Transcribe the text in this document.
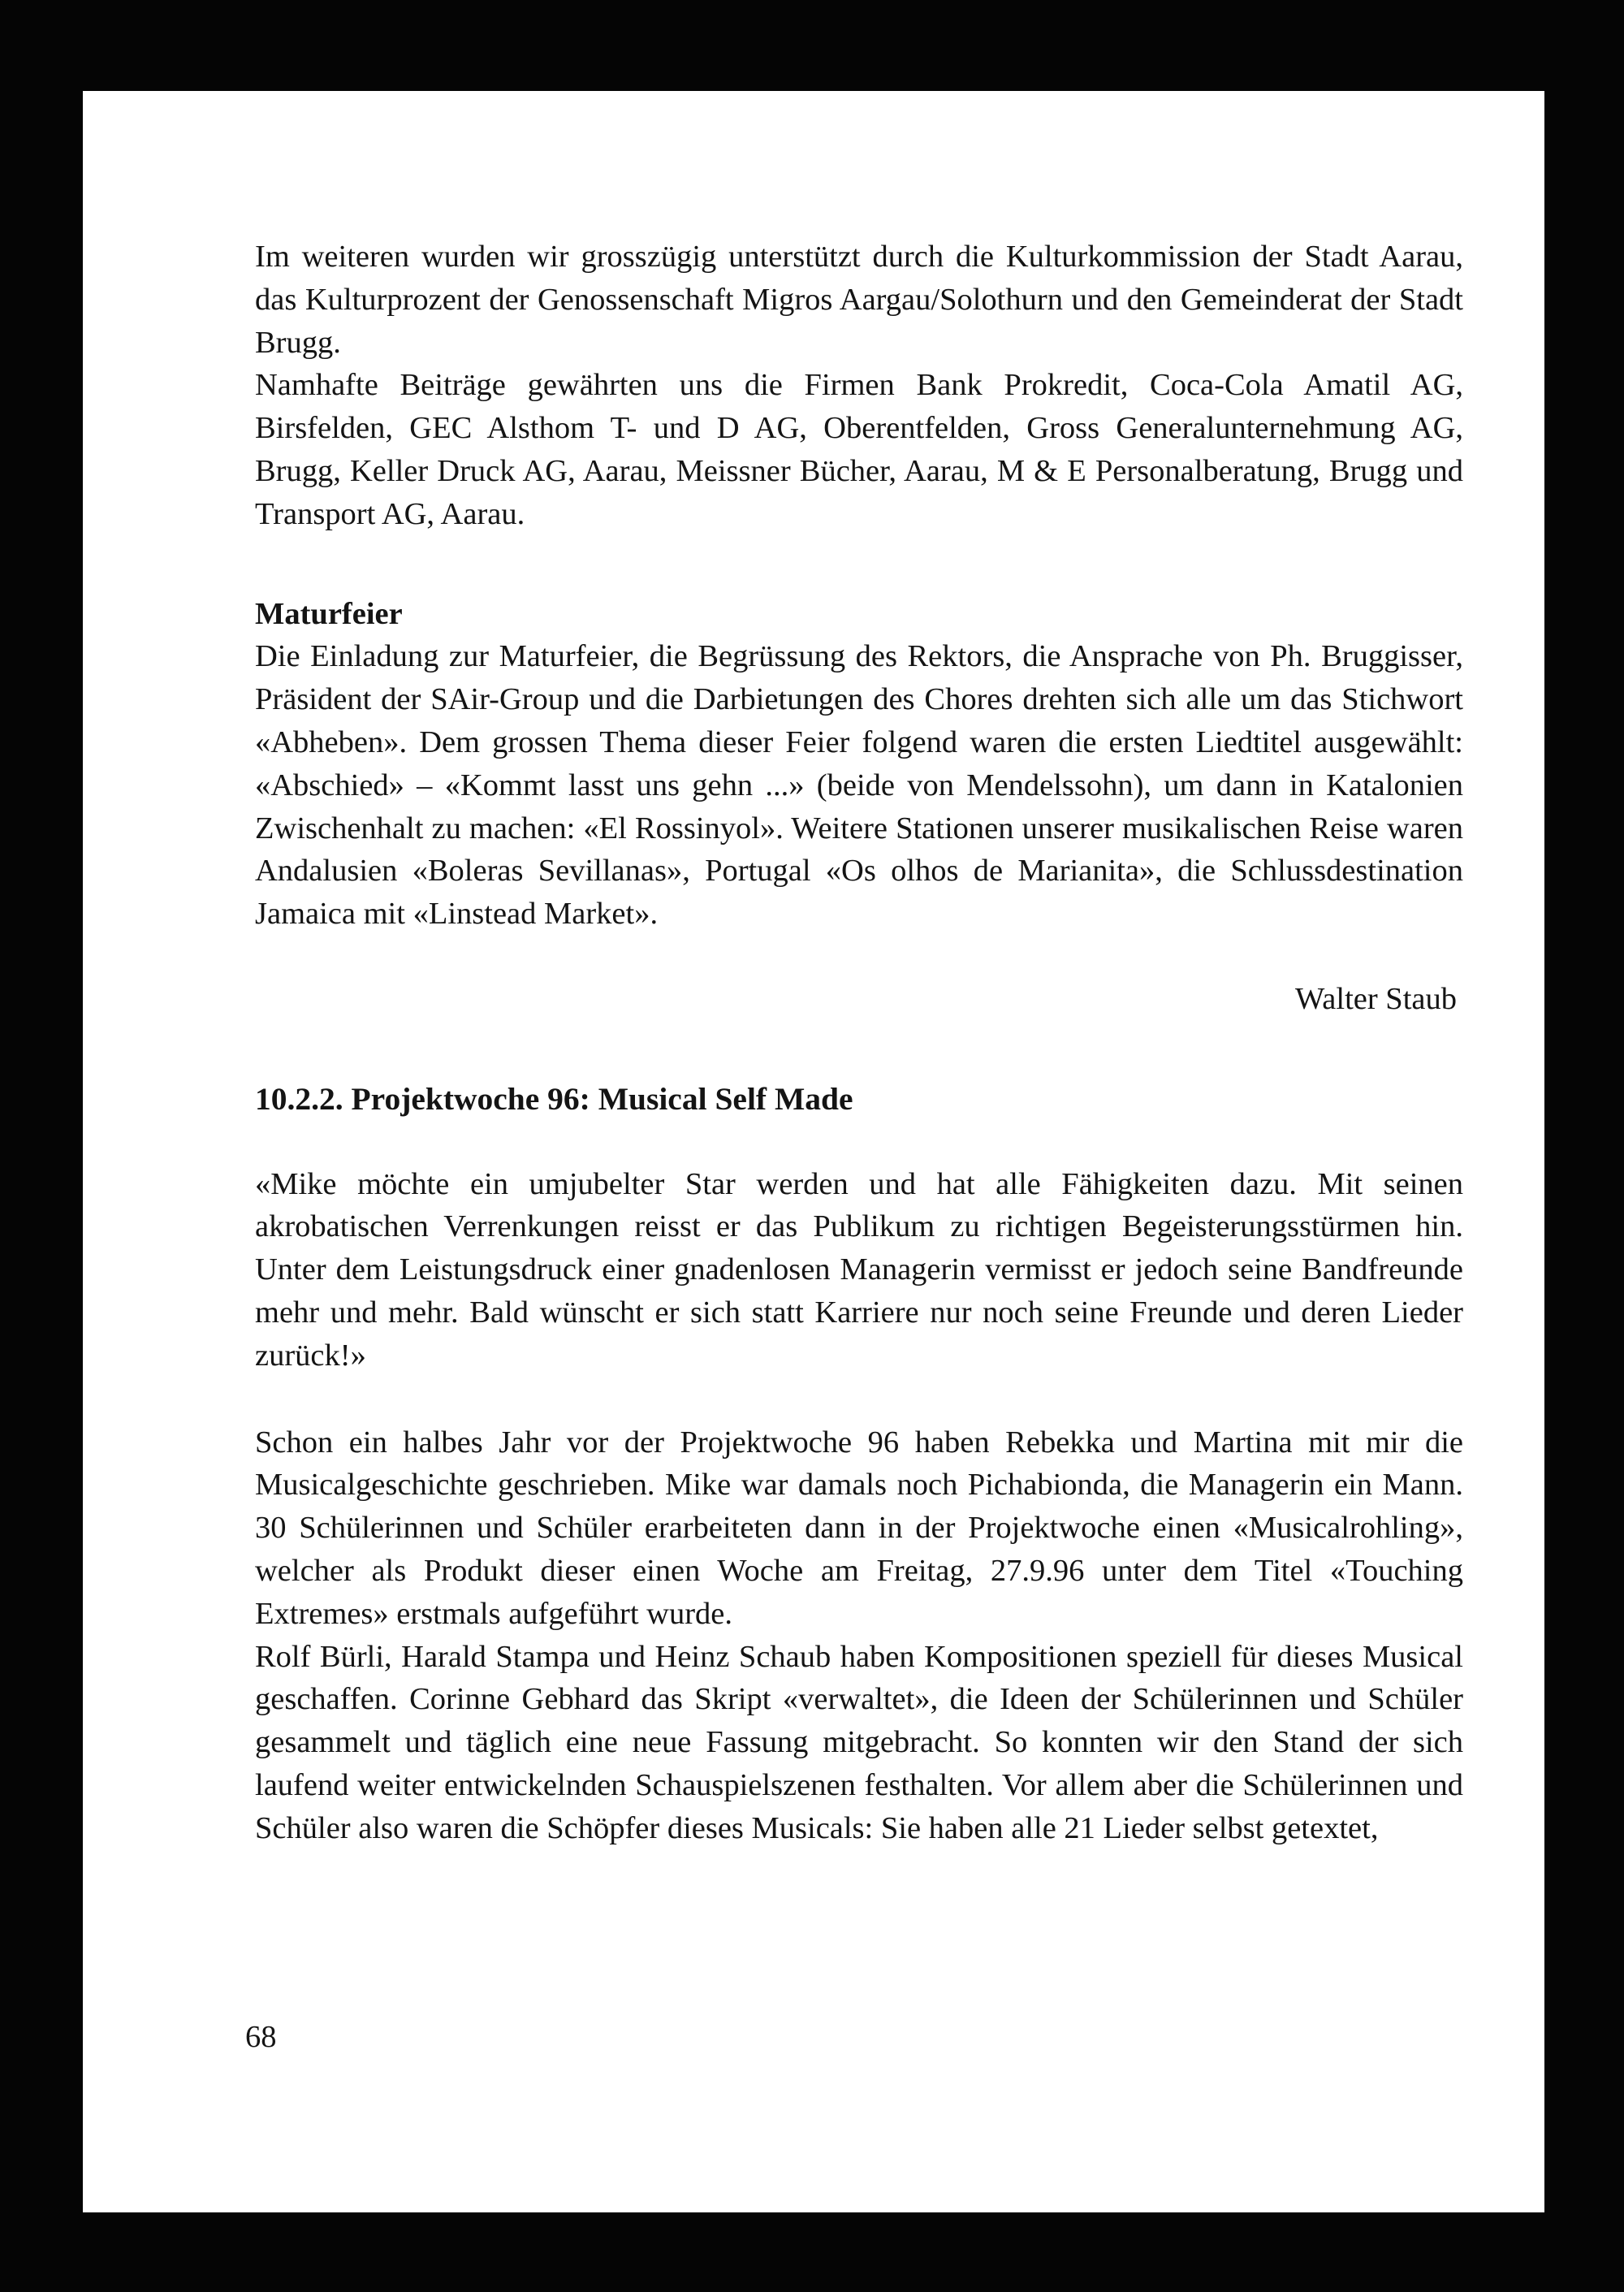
Im weiteren wurden wir grosszügig unterstützt durch die Kulturkommission der Stadt Aarau, das Kulturprozent der Genossenschaft Migros Aargau/Solothurn und den Gemeinderat der Stadt Brugg.

Namhafte Beiträge gewährten uns die Firmen Bank Prokredit, Coca-Cola Amatil AG, Birsfelden, GEC Alsthom T- und D AG, Oberentfelden, Gross Generalunternehmung AG, Brugg, Keller Druck AG, Aarau, Meissner Bücher, Aarau, M & E Personalberatung, Brugg und Transport AG, Aarau.

Maturfeier

Die Einladung zur Maturfeier, die Begrüssung des Rektors, die Ansprache von Ph. Bruggisser, Präsident der SAir-Group und die Darbietungen des Chores drehten sich alle um das Stichwort «Abheben». Dem grossen Thema dieser Feier folgend waren die ersten Liedtitel ausgewählt: «Abschied» – «Kommt lasst uns gehn ...» (beide von Mendelssohn), um dann in Katalonien Zwischenhalt zu machen: «El Rossinyol». Weitere Stationen unserer musikalischen Reise waren Andalusien «Boleras Sevillanas», Portugal «Os olhos de Marianita», die Schlussdestination Jamaica mit «Linstead Market».

Walter Staub

10.2.2. Projektwoche 96: Musical Self Made

«Mike möchte ein umjubelter Star werden und hat alle Fähigkeiten dazu. Mit seinen akrobatischen Verrenkungen reisst er das Publikum zu richtigen Begeisterungsstürmen hin. Unter dem Leistungsdruck einer gnadenlosen Managerin vermisst er jedoch seine Bandfreunde mehr und mehr. Bald wünscht er sich statt Karriere nur noch seine Freunde und deren Lieder zurück!»

Schon ein halbes Jahr vor der Projektwoche 96 haben Rebekka und Martina mit mir die Musicalgeschichte geschrieben. Mike war damals noch Pichabionda, die Managerin ein Mann. 30 Schülerinnen und Schüler erarbeiteten dann in der Projektwoche einen «Musicalrohling», welcher als Produkt dieser einen Woche am Freitag, 27.9.96 unter dem Titel «Touching Extremes» erstmals aufgeführt wurde.

Rolf Bürli, Harald Stampa und Heinz Schaub haben Kompositionen speziell für dieses Musical geschaffen. Corinne Gebhard das Skript «verwaltet», die Ideen der Schülerinnen und Schüler gesammelt und täglich eine neue Fassung mitgebracht. So konnten wir den Stand der sich laufend weiter entwickelnden Schauspielszenen festhalten. Vor allem aber die Schülerinnen und Schüler also waren die Schöpfer dieses Musicals: Sie haben alle 21 Lieder selbst getextet,

68
